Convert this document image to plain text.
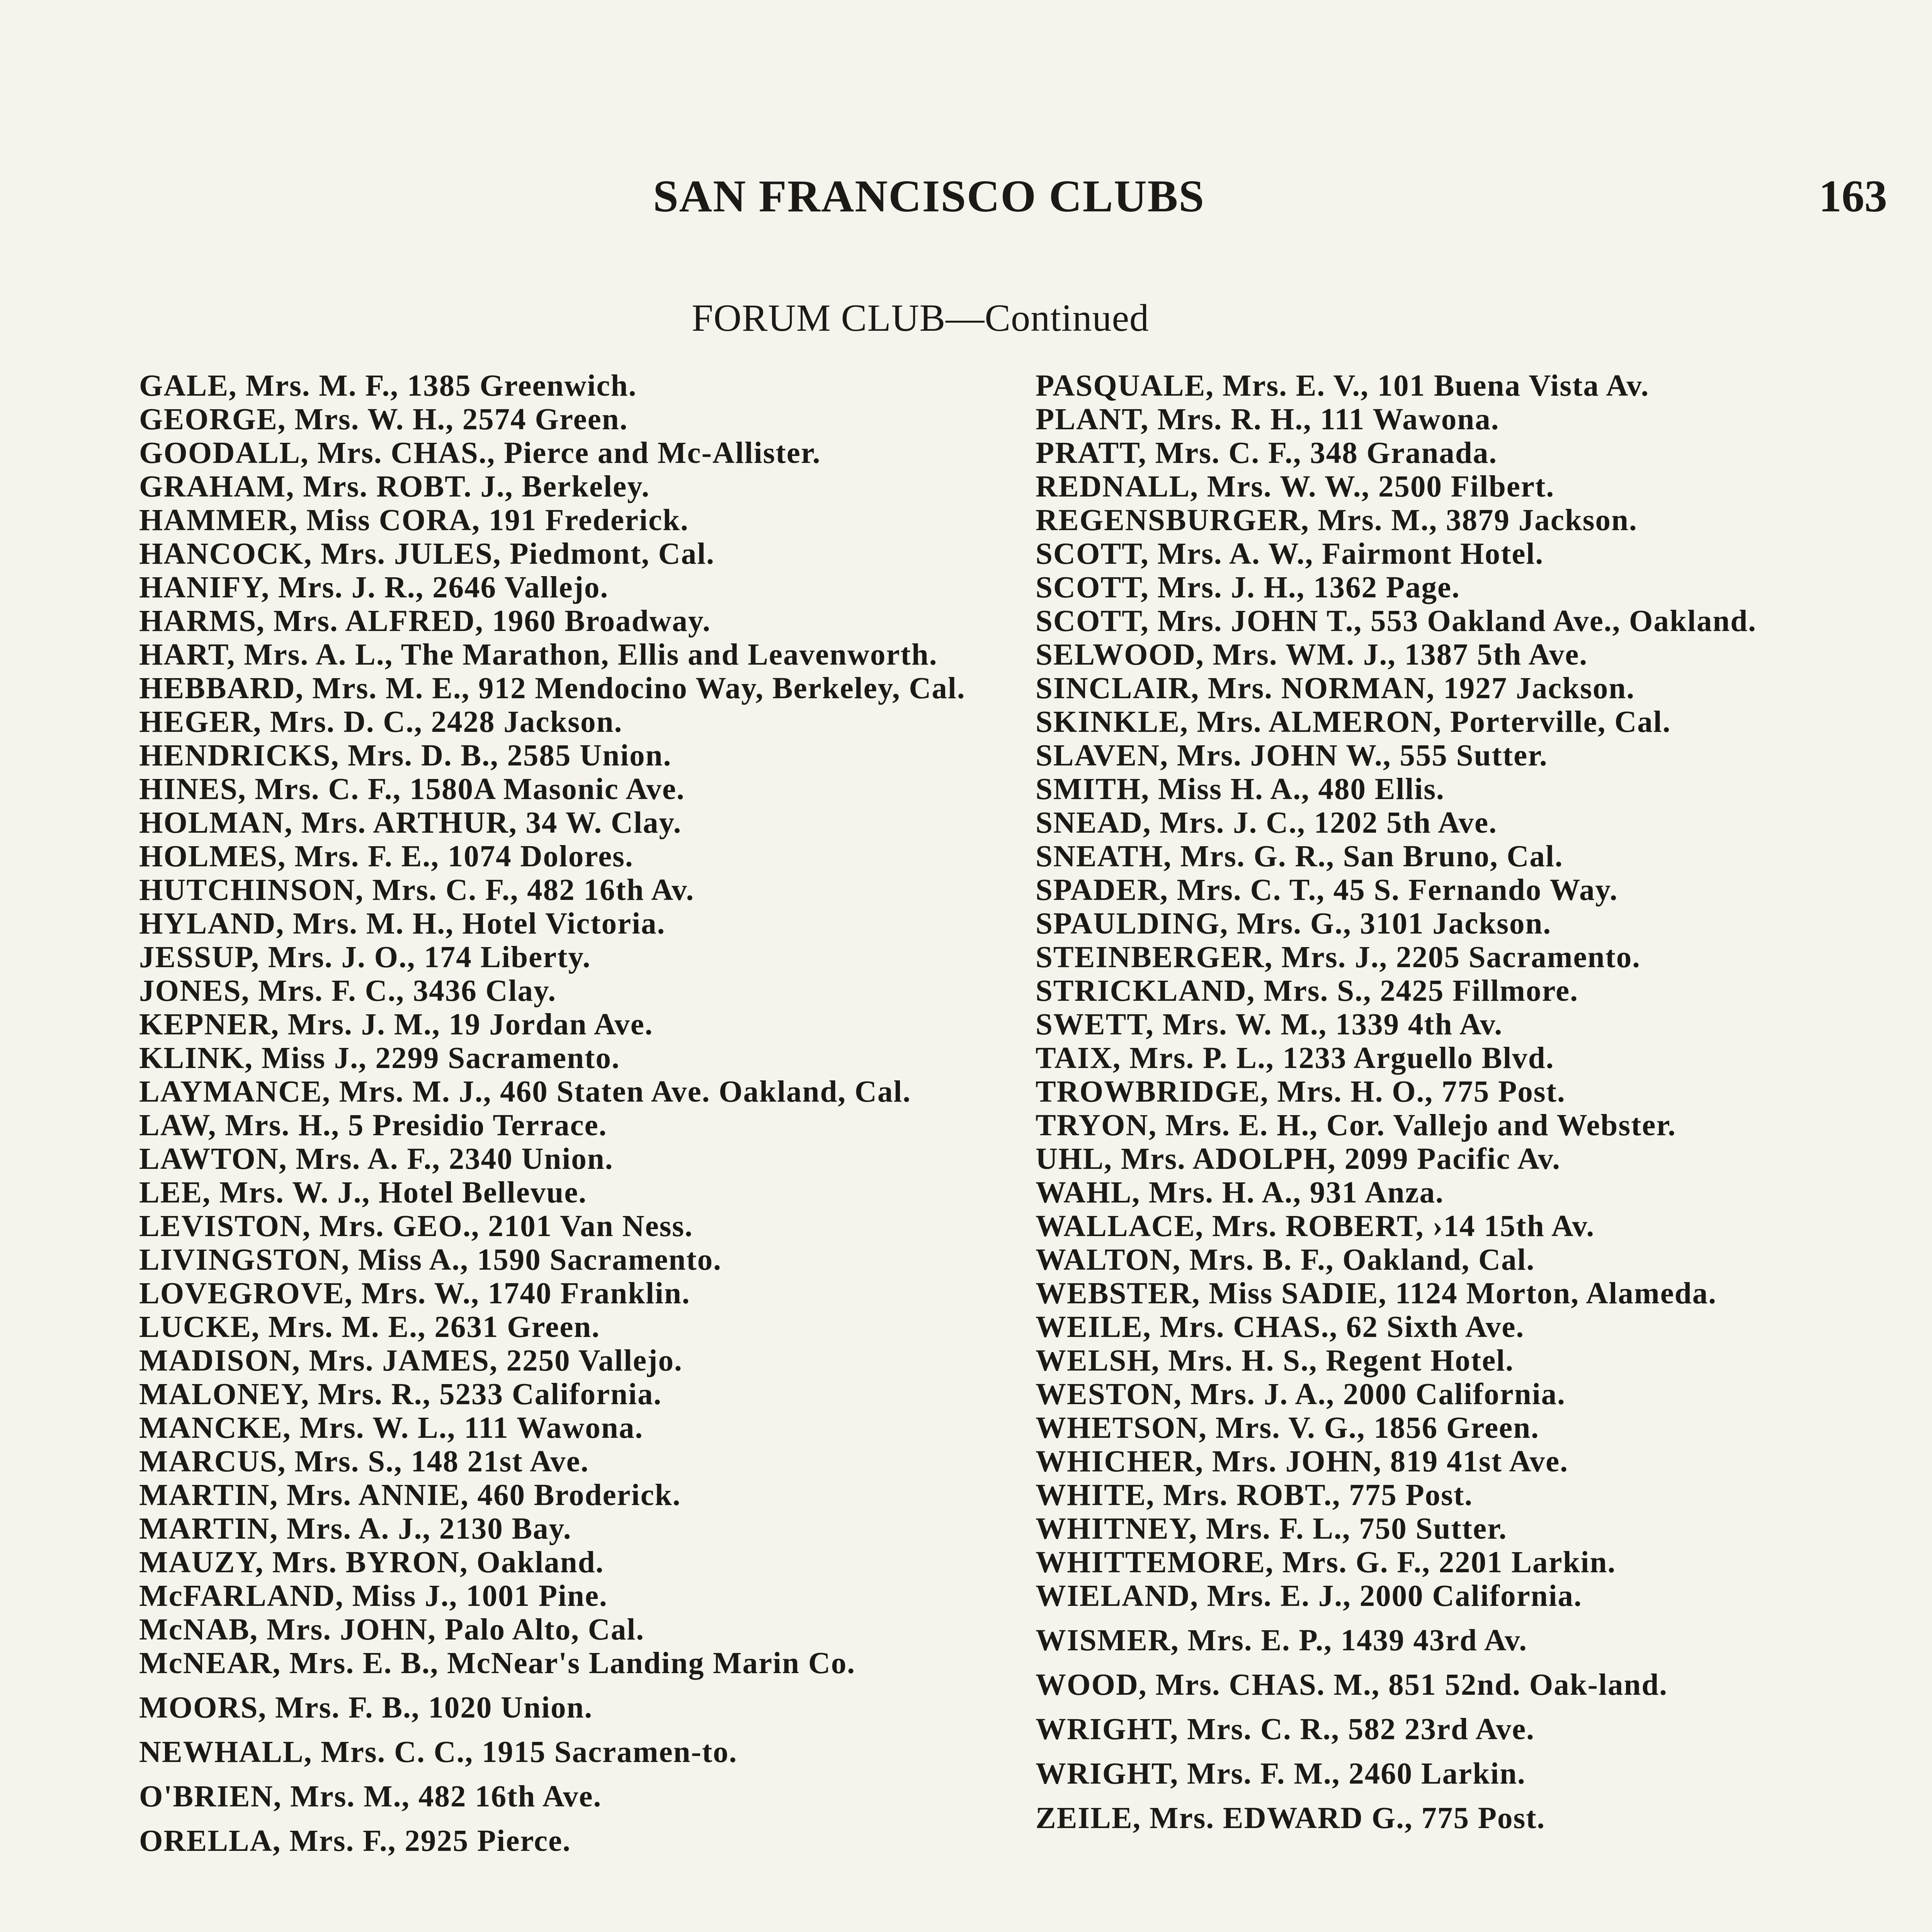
SAN FRANCISCO CLUBS	163
FORUM CLUB—Continued
GALE, Mrs. M. F., 1385 Greenwich.
GEORGE, Mrs. W. H., 2574 Green.
GOODALL, Mrs. CHAS., Pierce and Mc-Allister.
GRAHAM, Mrs. ROBT. J., Berkeley.
HAMMER, Miss CORA, 191 Frederick.
HANCOCK, Mrs. JULES, Piedmont, Cal.
HANIFY, Mrs. J. R., 2646 Vallejo.
HARMS, Mrs. ALFRED, 1960 Broadway.
HART, Mrs. A. L., The Marathon, Ellis and Leavenworth.
HEBBARD, Mrs. M. E., 912 Mendocino Way, Berkeley, Cal.
HEGER, Mrs. D. C., 2428 Jackson.
HENDRICKS, Mrs. D. B., 2585 Union.
HINES, Mrs. C. F., 1580A Masonic Ave.
HOLMAN, Mrs. ARTHUR, 34 W. Clay.
HOLMES, Mrs. F. E., 1074 Dolores.
HUTCHINSON, Mrs. C. F., 482 16th Av.
HYLAND, Mrs. M. H., Hotel Victoria.
JESSUP, Mrs. J. O., 174 Liberty.
JONES, Mrs. F. C., 3436 Clay.
KEPNER, Mrs. J. M., 19 Jordan Ave.
KLINK, Miss J., 2299 Sacramento.
LAYMANCE, Mrs. M. J., 460 Staten Ave. Oakland, Cal.
LAW, Mrs. H., 5 Presidio Terrace.
LAWTON, Mrs. A. F., 2340 Union.
LEE, Mrs. W. J., Hotel Bellevue.
LEVISTON, Mrs. GEO., 2101 Van Ness.
LIVINGSTON, Miss A., 1590 Sacramento.
LOVEGROVE, Mrs. W., 1740 Franklin.
LUCKE, Mrs. M. E., 2631 Green.
MADISON, Mrs. JAMES, 2250 Vallejo.
MALONEY, Mrs. R., 5233 California.
MANCKE, Mrs. W. L., 111 Wawona.
MARCUS, Mrs. S., 148 21st Ave.
MARTIN, Mrs. ANNIE, 460 Broderick.
MARTIN, Mrs. A. J., 2130 Bay.
MAUZY, Mrs. BYRON, Oakland.
McFARLAND, Miss J., 1001 Pine.
McNAB, Mrs. JOHN, Palo Alto, Cal.
McNEAR, Mrs. E. B., McNear's Landing Marin Co.
MOORS, Mrs. F. B., 1020 Union.
NEWHALL, Mrs. C. C., 1915 Sacramen-to.
O'BRIEN, Mrs. M., 482 16th Ave.
ORELLA, Mrs. F., 2925 Pierce.
PASQUALE, Mrs. E. V., 101 Buena Vista Av.
PLANT, Mrs. R. H., 111 Wawona.
PRATT, Mrs. C. F., 348 Granada.
REDNALL, Mrs. W. W., 2500 Filbert.
REGENSBURGER, Mrs. M., 3879 Jackson.
SCOTT, Mrs. A. W., Fairmont Hotel.
SCOTT, Mrs. J. H., 1362 Page.
SCOTT, Mrs. JOHN T., 553 Oakland Ave., Oakland.
SELWOOD, Mrs. WM. J., 1387 5th Ave.
SINCLAIR, Mrs. NORMAN, 1927 Jackson.
SKINKLE, Mrs. ALMERON, Porterville, Cal.
SLAVEN, Mrs. JOHN W., 555 Sutter.
SMITH, Miss H. A., 480 Ellis.
SNEAD, Mrs. J. C., 1202 5th Ave.
SNEATH, Mrs. G. R., San Bruno, Cal.
SPADER, Mrs. C. T., 45 S. Fernando Way.
SPAULDING, Mrs. G., 3101 Jackson.
STEINBERGER, Mrs. J., 2205 Sacramento.
STRICKLAND, Mrs. S., 2425 Fillmore.
SWETT, Mrs. W. M., 1339 4th Av.
TAIX, Mrs. P. L., 1233 Arguello Blvd.
TROWBRIDGE, Mrs. H. O., 775 Post.
TRYON, Mrs. E. H., Cor. Vallejo and Webster.
UHL, Mrs. ADOLPH, 2099 Pacific Av.
WAHL, Mrs. H. A., 931 Anza.
WALLACE, Mrs. ROBERT, ›14 15th Av.
WALTON, Mrs. B. F., Oakland, Cal.
WEBSTER, Miss SADIE, 1124 Morton, Alameda.
WEILE, Mrs. CHAS., 62 Sixth Ave.
WELSH, Mrs. H. S., Regent Hotel.
WESTON, Mrs. J. A., 2000 California.
WHETSON, Mrs. V. G., 1856 Green.
WHICHER, Mrs. JOHN, 819 41st Ave.
WHITE, Mrs. ROBT., 775 Post.
WHITNEY, Mrs. F. L., 750 Sutter.
WHITTEMORE, Mrs. G. F., 2201 Larkin.
WIELAND, Mrs. E. J., 2000 California.
WISMER, Mrs. E. P., 1439 43rd Av.
WOOD, Mrs. CHAS. M., 851 52nd. Oak-land.
WRIGHT, Mrs. C. R., 582 23rd Ave.
WRIGHT, Mrs. F. M., 2460 Larkin.
ZEILE, Mrs. EDWARD G., 775 Post.
